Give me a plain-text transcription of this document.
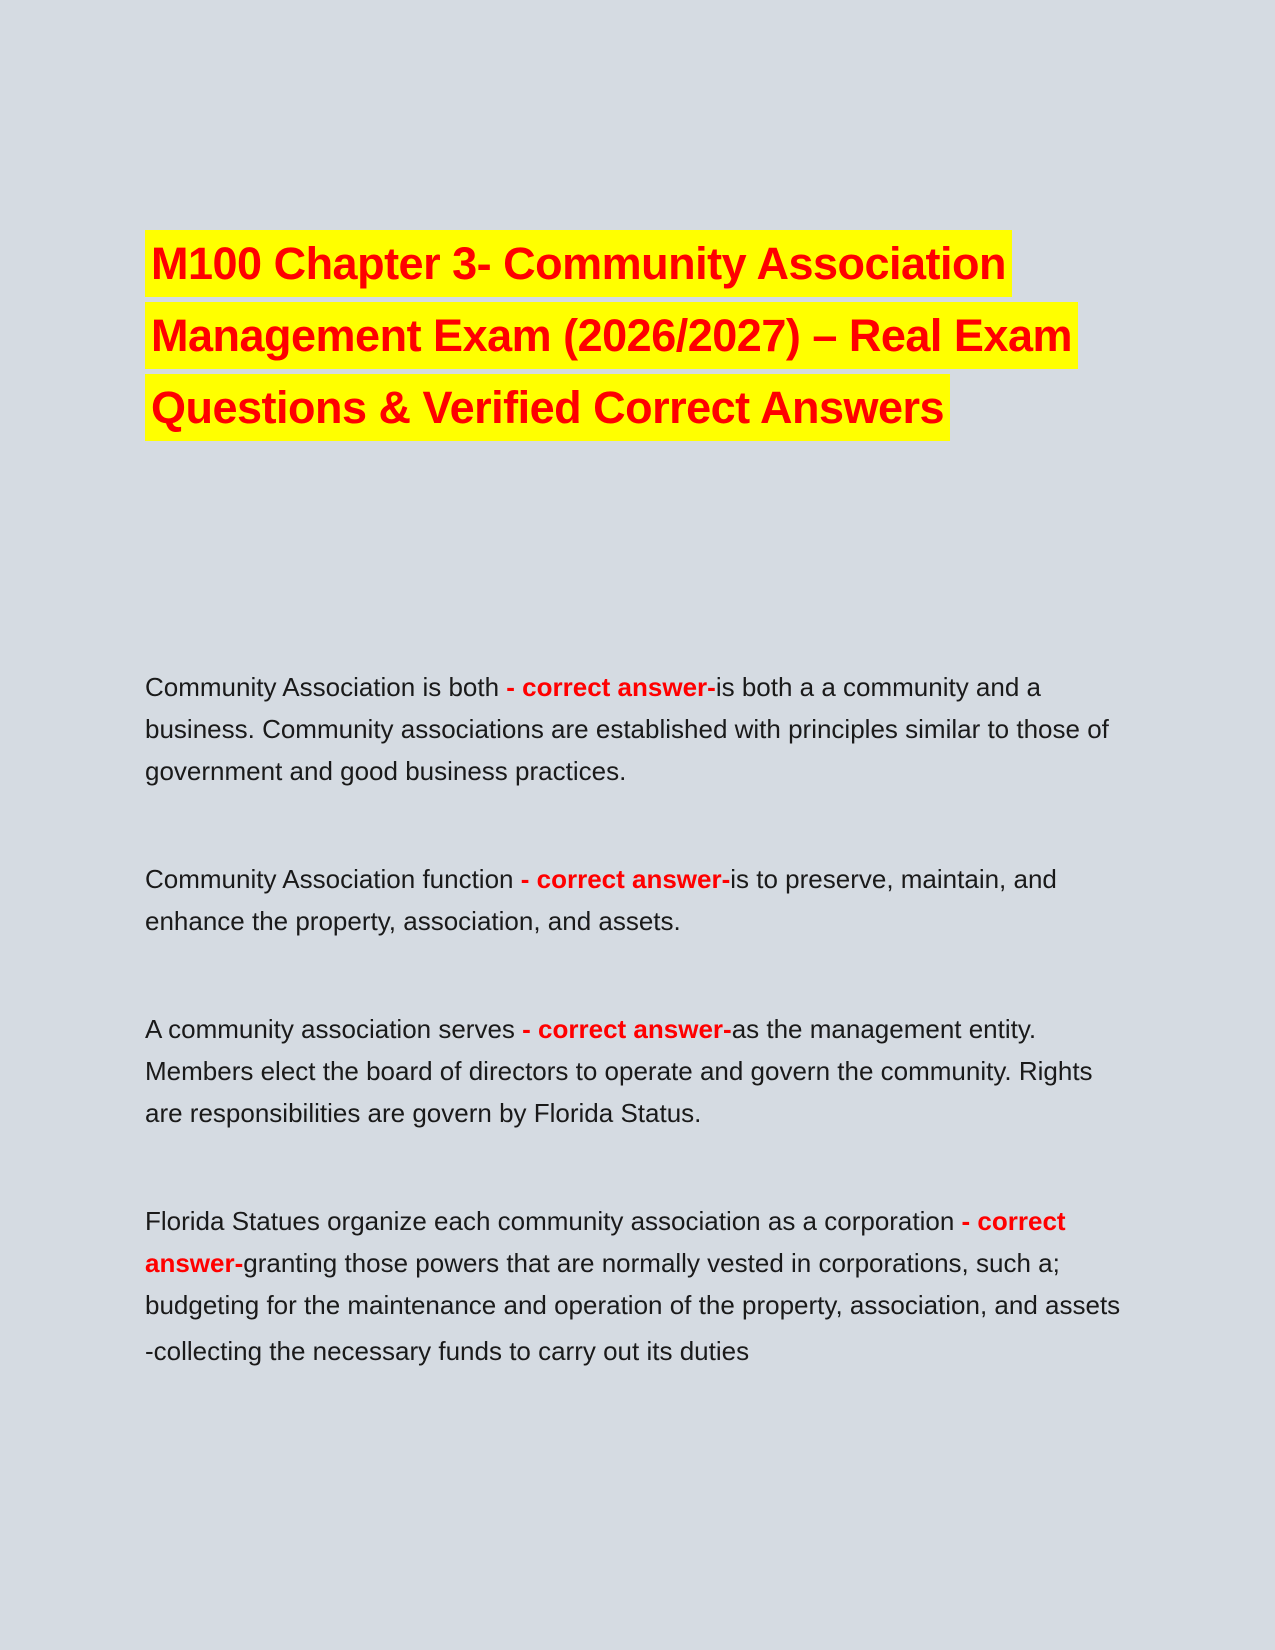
M100 Chapter 3- Community Association Management Exam (2026/2027) – Real Exam Questions & Verified Correct Answers

Community Association is both - correct answer-is both a a community and a business. Community associations are established with principles similar to those of government and good business practices.

Community Association function - correct answer-is to preserve, maintain, and enhance the property, association, and assets.

A community association serves - correct answer-as the management entity. Members elect the board of directors to operate and govern the community. Rights are responsibilities are govern by Florida Status.

Florida Statues organize each community association as a corporation - correct answer-granting those powers that are normally vested in corporations, such a; budgeting for the maintenance and operation of the property, association, and assets

-collecting the necessary funds to carry out its duties
